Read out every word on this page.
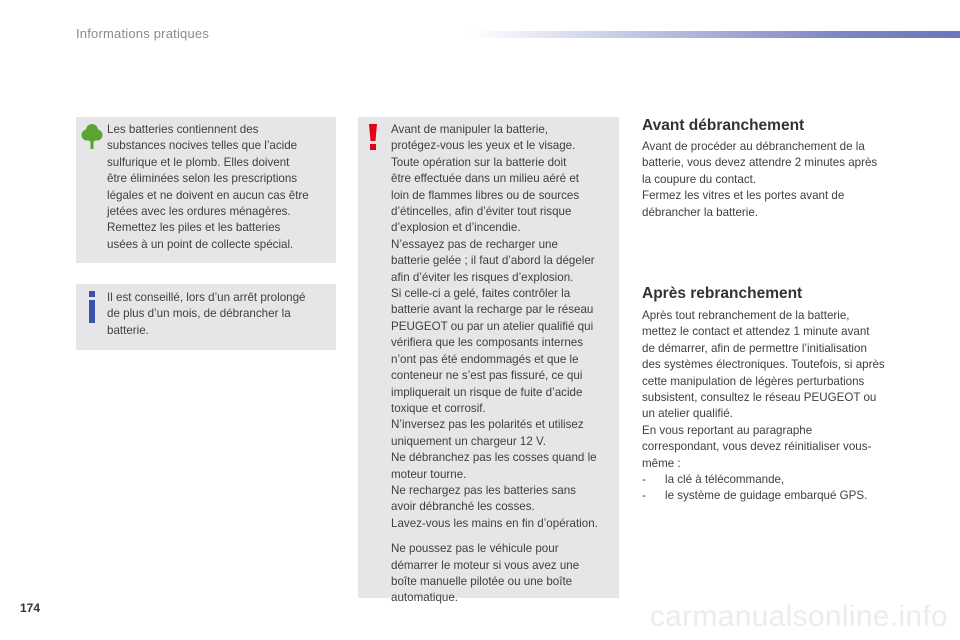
Informations pratiques

Les batteries contiennent des
substances nocives telles que l’acide
sulfurique et le plomb. Elles doivent
être éliminées selon les prescriptions
légales et ne doivent en aucun cas être
jetées avec les ordures ménagères.
Remettez les piles et les batteries
usées à un point de collecte spécial.

Il est conseillé, lors d’un arrêt prolongé
de plus d’un mois, de débrancher la
batterie.

Avant de manipuler la batterie,
protégez-vous les yeux et le visage.
Toute opération sur la batterie doit
être effectuée dans un milieu aéré et
loin de flammes libres ou de sources
d’étincelles, afin d’éviter tout risque
d’explosion et d’incendie.
N’essayez pas de recharger une
batterie gelée ; il faut d’abord la dégeler
afin d’éviter les risques d’explosion.
Si celle-ci a gelé, faites contrôler la
batterie avant la recharge par le réseau
PEUGEOT ou par un atelier qualifié qui
vérifiera que les composants internes
n’ont pas été endommagés et que le
conteneur ne s’est pas fissuré, ce qui
impliquerait un risque de fuite d’acide
toxique et corrosif.
N’inversez pas les polarités et utilisez
uniquement un chargeur 12 V.
Ne débranchez pas les cosses quand le
moteur tourne.
Ne rechargez pas les batteries sans
avoir débranché les cosses.
Lavez-vous les mains en fin d’opération.

Ne poussez pas le véhicule pour
démarrer le moteur si vous avez une
boîte manuelle pilotée ou une boîte
automatique.

Avant débranchement

Avant de procéder au débranchement de la
batterie, vous devez attendre 2 minutes après
la coupure du contact.
Fermez les vitres et les portes avant de
débrancher la batterie.

Après rebranchement

Après tout rebranchement de la batterie,
mettez le contact et attendez 1 minute avant
de démarrer, afin de permettre l’initialisation
des systèmes électroniques. Toutefois, si après
cette manipulation de légères perturbations
subsistent, consultez le réseau PEUGEOT ou
un atelier qualifié.
En vous reportant au paragraphe
correspondant, vous devez réinitialiser vous-
même :

- la clé à télécommande,
- le système de guidage embarqué GPS.
174	carmanualsonline.info
